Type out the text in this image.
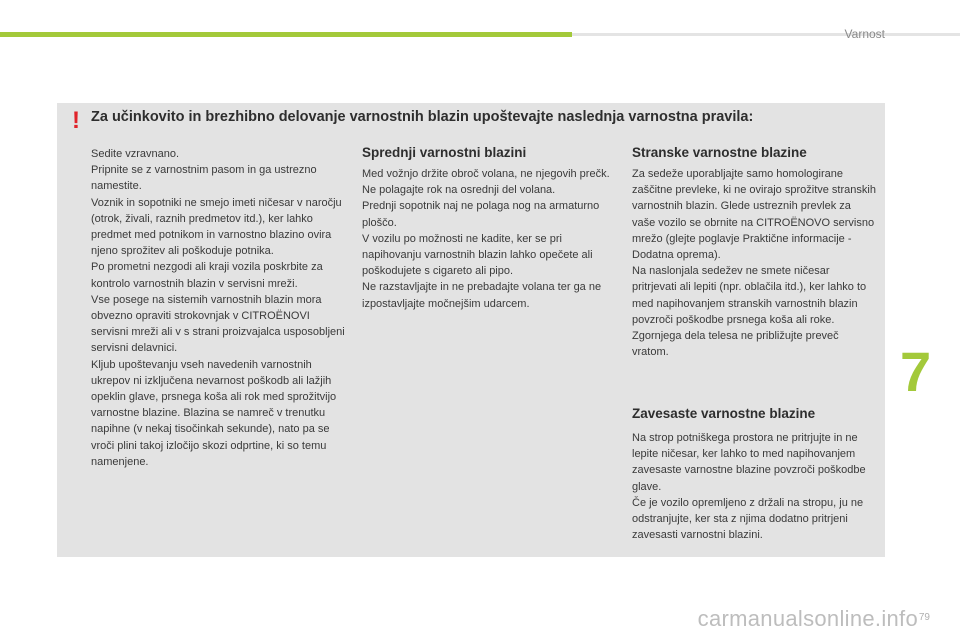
Varnost
! Za učinkovito in brezhibno delovanje varnostnih blazin upoštevajte naslednja varnostna pravila:

Sedite vzravnano.

Pripnite se z varnostnim pasom in ga ustrezno namestite.

Voznik in sopotniki ne smejo imeti ničesar v naročju (otrok, živali, raznih predmetov itd.), ker lahko predmet med potnikom in varnostno blazino ovira njeno sprožitev ali poškoduje potnika.

Po prometni nezgodi ali kraji vozila poskrbite za kontrolo varnostnih blazin v servisni mreži.

Vse posege na sistemih varnostnih blazin mora obvezno opraviti strokovnjak v CITROËNOVI servisni mreži ali v s strani proizvajalca usposobljeni servisni delavnici.

Kljub upoštevanju vseh navedenih varnostnih ukrepov ni izključena nevarnost poškodb ali lažjih opeklin glave, prsnega koša ali rok med sprožitvijo varnostne blazine. Blazina se namreč v trenutku napihne (v nekaj tisočinkah sekunde), nato pa se vroči plini takoj izločijo skozi odprtine, ki so temu namenjene.

Sprednji varnostni blazini

Med vožnjo držite obroč volana, ne njegovih prečk. Ne polagajte rok na osrednji del volana.

Prednji sopotnik naj ne polaga nog na armaturno ploščo.

V vozilu po možnosti ne kadite, ker se pri napihovanju varnostnih blazin lahko opečete ali poškodujete s cigareto ali pipo.

Ne razstavljajte in ne prebadajte volana ter ga ne izpostavljajte močnejšim udarcem.

Stranske varnostne blazine

Za sedeže uporabljajte samo homologirane zaščitne prevleke, ki ne ovirajo sprožitve stranskih varnostnih blazin. Glede ustreznih prevlek za vaše vozilo se obrnite na CITROËNOVO servisno mrežo (glejte poglavje Praktične informacije - Dodatna oprema).

Na naslonjala sedežev ne smete ničesar pritrjevati ali lepiti (npr. oblačila itd.), ker lahko to med napihovanjem stranskih varnostnih blazin povzroči poškodbe prsnega koša ali roke.

Zgornjega dela telesa ne približujte preveč vratom.

Zavesaste varnostne blazine

Na strop potniškega prostora ne pritrjujte in ne lepite ničesar, ker lahko to med napihovanjem zavesaste varnostne blazine povzroči poškodbe glave.

Če je vozilo opremljeno z držali na stropu, ju ne odstranjujte, ker sta z njima dodatno pritrjeni zavesasti varnostni blazini.

7
79
carmanualsonline.info
